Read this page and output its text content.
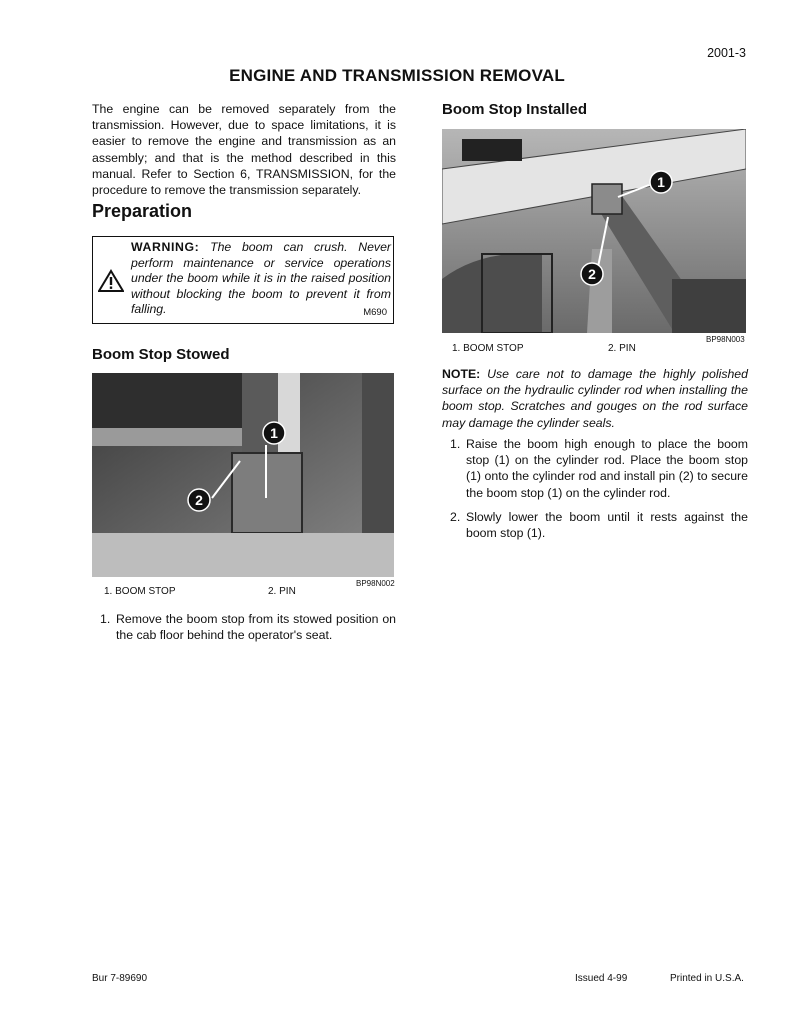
2001-3
ENGINE AND TRANSMISSION REMOVAL

The engine can be removed separately from the transmission. However, due to space limitations, it is easier to remove the engine and transmission as an assembly; and that is the method described in this manual. Refer to Section 6, TRANSMISSION, for the procedure to remove the transmission separately.

Preparation

WARNING: The boom can crush. Never perform maintenance or service operations under the boom while it is in the raised position without blocking the boom to prevent it from falling.	M690
Boom Stop Stowed
1
2
BP98N002
1. BOOM STOP	2. PIN
1. Remove the boom stop from its stowed position on the cab floor behind the operator's seat.
Boom Stop Installed
1
2
BP98N003
1. BOOM STOP	2. PIN

NOTE: Use care not to damage the highly polished surface on the hydraulic cylinder rod when installing the boom stop. Scratches and gouges on the rod surface may damage the cylinder seals.

1. Raise the boom high enough to place the boom stop (1) on the cylinder rod. Place the boom stop (1) onto the cylinder rod and install pin (2) to secure the boom stop (1) on the cylinder rod.
2. Slowly lower the boom until it rests against the boom stop (1).
Bur 7-89690	Issued 4-99	Printed in U.S.A.
